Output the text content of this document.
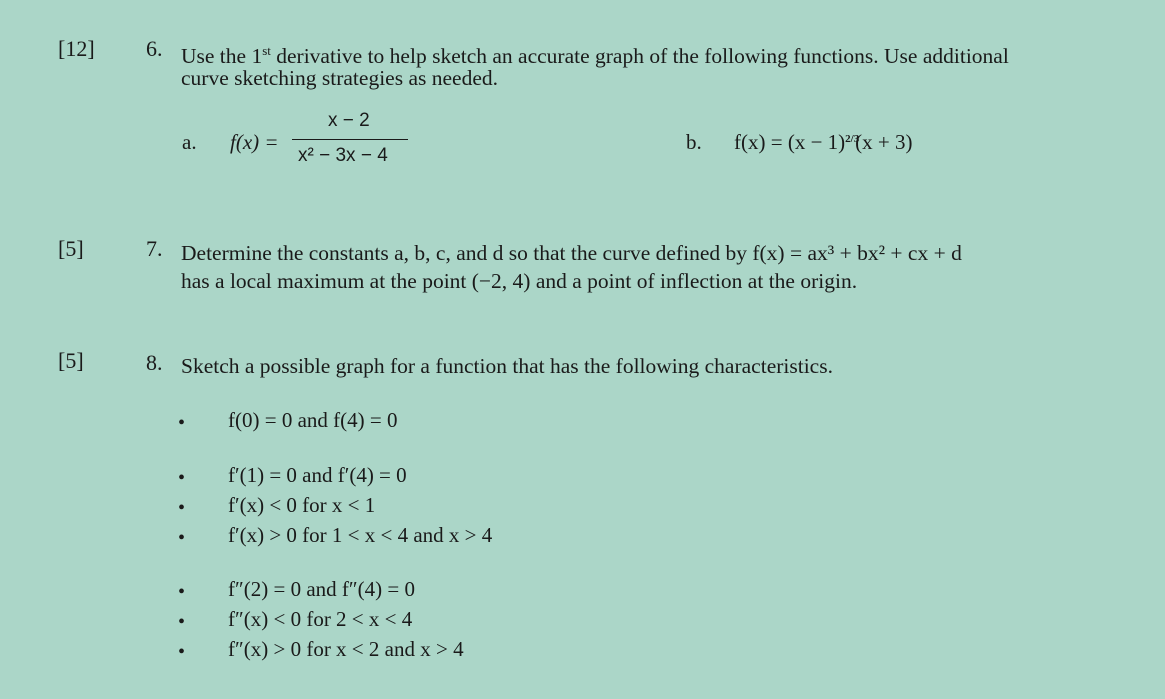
[12] 6. Use the 1st derivative to help sketch an accurate graph of the following functions. Use additional
curve sketching strategies as needed.
a. f(x) =
x − 2
x² − 3x − 4
b. f(x) = (x − 1) 2/3
(x + 3)
[5]	7. Determine the constants a, b, c, and d so that the curve defined by f(x) = ax³ + bx² + cx + d
has a local maximum at the point (−2, 4) and a point of inflection at the origin.
[5]	8. Sketch a possible graph for a function that has the following characteristics.
• f(0) = 0 and f(4) = 0
• f′(1) = 0 and f′(4) = 0
• f′(x) < 0 for x < 1
• f′(x) > 0 for 1 < x < 4 and x > 4
• f″(2) = 0 and f″(4) = 0
• f″(x) < 0 for 2 < x < 4
• f″(x) > 0 for x < 2 and x > 4
